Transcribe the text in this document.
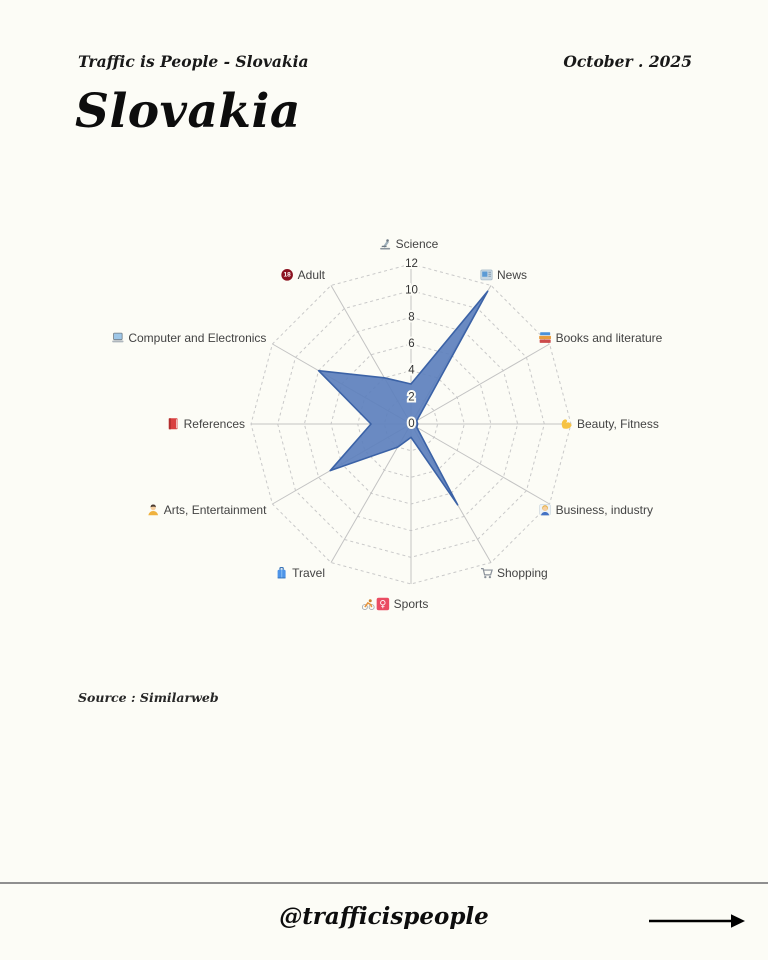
Traffic is People - Slovakia	October . 2025
Slovakia
0
2
4
6
8
10
12
Science
News
Books and literature
Beauty, Fitness
Business, industry
Shopping
Sports
♀
Travel
Arts, Entertainment
References
Computer and Electronics
Adult
18
Source : Similarweb
@trafficispeople
